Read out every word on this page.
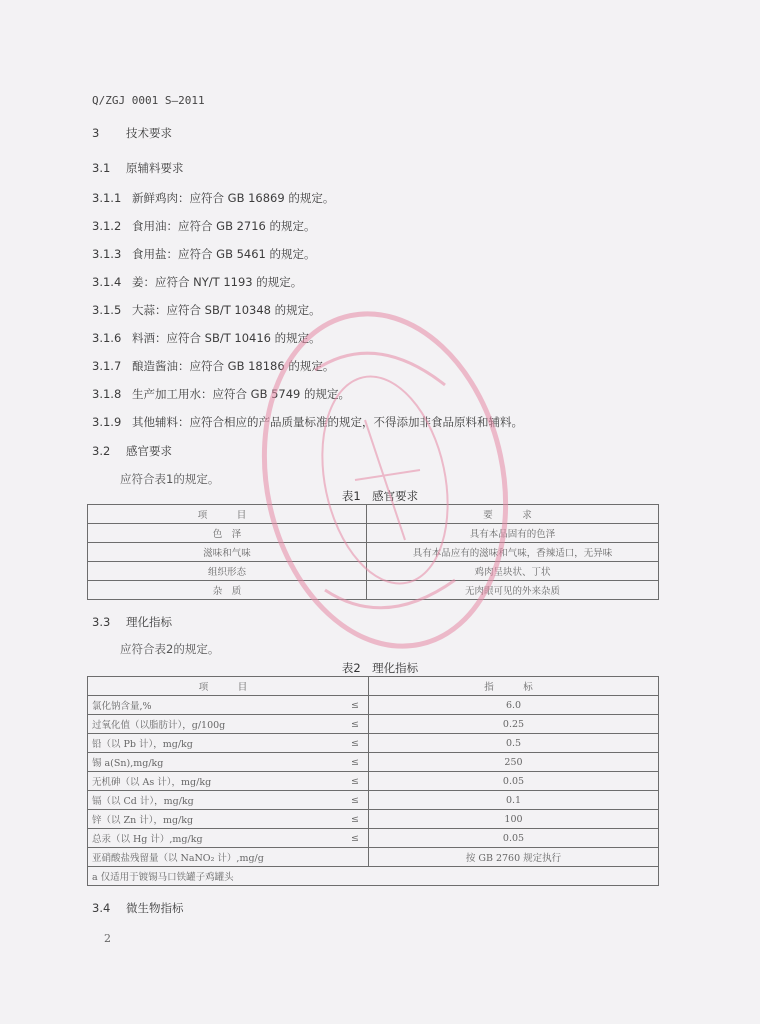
Q/ZGJ 0001 S—2011
3 技术要求
3.1 原辅料要求
3.1.1 新鲜鸡肉：应符合 GB 16869 的规定。
3.1.2 食用油：应符合 GB 2716 的规定。
3.1.3 食用盐：应符合 GB 5461 的规定。
3.1.4 姜：应符合 NY/T 1193 的规定。
3.1.5 大蒜：应符合 SB/T 10348 的规定。
3.1.6 料酒：应符合 SB/T 10416 的规定。
3.1.7 酿造酱油：应符合 GB 18186 的规定。
3.1.8 生产加工用水：应符合 GB 5749 的规定。
3.1.9 其他辅料：应符合相应的产品质量标准的规定，不得添加非食品原料和辅料。
3.2 感官要求
应符合表1的规定。
表1　感官要求
项　目	要　求
色　泽	具有本品固有的色泽
滋味和气味	具有本品应有的滋味和气味，香辣适口，无异味
组织形态	鸡肉呈块状、丁状
杂　质	无肉眼可见的外来杂质
3.3 理化指标
应符合表2的规定。
表2　理化指标
项　目		指　标
氯化钠含量,%	≤	6.0
过氧化值（以脂肪计），g/100g	≤	0.25
铅（以 Pb 计），mg/kg	≤	0.5
锡 a(Sn),mg/kg	≤	250
无机砷（以 As 计），mg/kg	≤	0.05
镉（以 Cd 计），mg/kg	≤	0.1
锌（以 Zn 计），mg/kg	≤	100
总汞（以 Hg 计）,mg/kg	≤	0.05
亚硝酸盐残留量（以 NaNO₂ 计）,mg/g		按 GB 2760 规定执行
a 仅适用于镀锡马口铁罐子鸡罐头		
3.4 微生物指标
2
